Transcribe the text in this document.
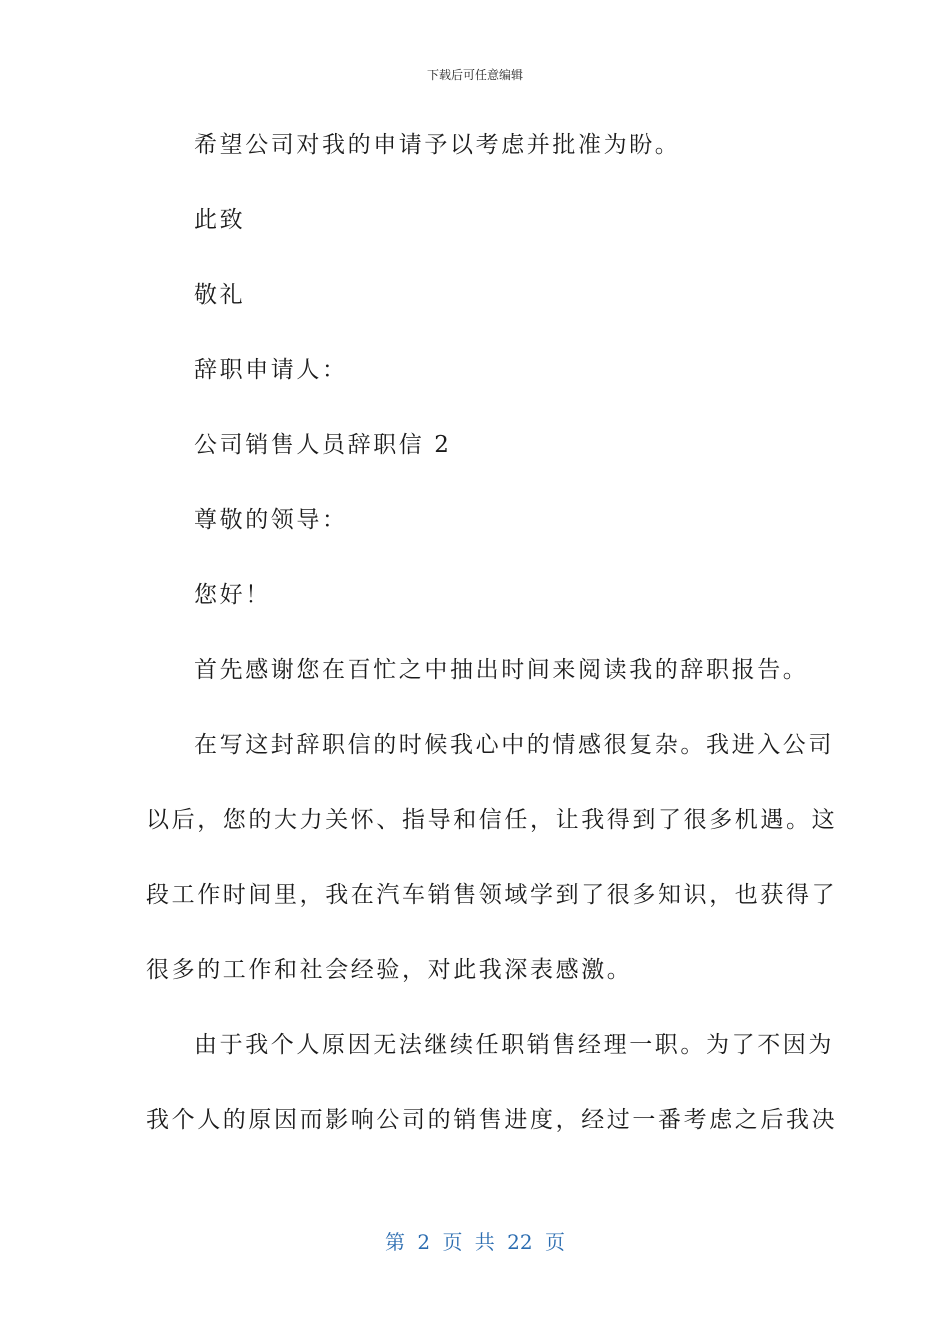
下载后可任意编辑
希望公司对我的申请予以考虑并批准为盼。
此致
敬礼
辞职申请人：
公司销售人员辞职信 2
尊敬的领导：
您好！
首先感谢您在百忙之中抽出时间来阅读我的辞职报告。
在写这封辞职信的时候我心中的情感很复杂。我进入公司
以后，您的大力关怀、指导和信任，让我得到了很多机遇。这
段工作时间里，我在汽车销售领域学到了很多知识，也获得了
很多的工作和社会经验，对此我深表感激。
由于我个人原因无法继续任职销售经理一职。为了不因为
我个人的原因而影响公司的销售进度，经过一番考虑之后我决
第 2 页 共 22 页
